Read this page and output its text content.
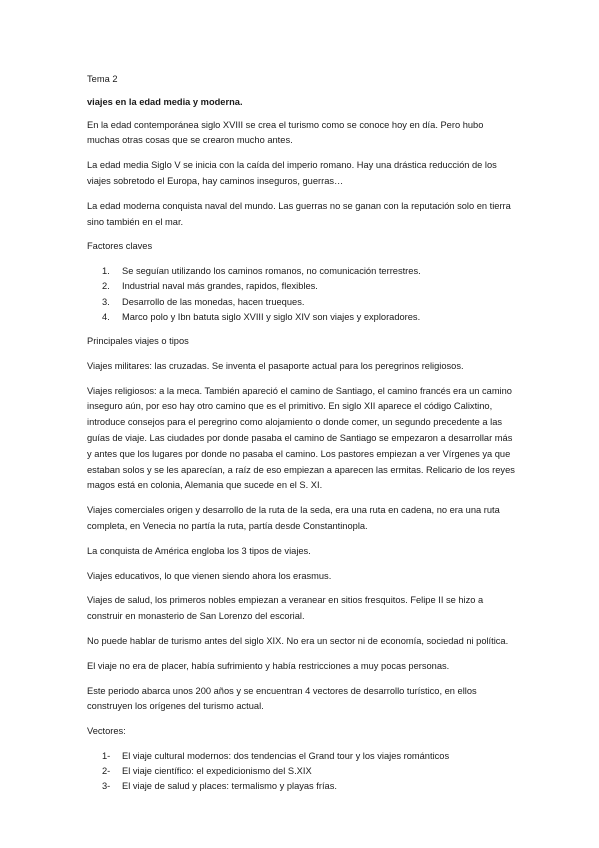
Tema 2

viajes en la edad media y moderna.

En la edad contemporánea siglo XVIII se crea el turismo como se conoce hoy en día. Pero hubo muchas otras cosas que se crearon mucho antes.

La edad media Siglo V se inicia con la caída del imperio romano. Hay una drástica reducción de los viajes sobretodo el Europa, hay caminos inseguros, guerras…

La edad moderna conquista naval del mundo. Las guerras no se ganan con la reputación solo en tierra sino también en el mar.

Factores claves

1.	Se seguían utilizando los caminos romanos, no comunicación terrestres.
2.	Industrial naval más grandes, rapidos, flexibles.
3.	Desarrollo de las monedas, hacen trueques.
4.	Marco polo y Ibn batuta siglo XVIII y siglo XIV son viajes y exploradores.

Principales viajes o tipos

Viajes militares: las cruzadas. Se inventa el pasaporte actual para los peregrinos religiosos.

Viajes religiosos: a la meca. También apareció el camino de Santiago, el camino francés era un camino inseguro aún, por eso hay otro camino que es el primitivo. En siglo XII aparece el código Calixtino, introduce consejos para el peregrino como alojamiento o donde comer, un segundo precedente a las guías de viaje. Las ciudades por donde pasaba el camino de Santiago se empezaron a desarrollar más y antes que los lugares por donde no pasaba el camino. Los pastores empiezan a ver Vírgenes ya que estaban solos y se les aparecían, a raíz de eso empiezan a aparecen las ermitas. Relicario de los reyes magos está en colonia, Alemania que sucede en el S. XI.

Viajes comerciales origen y desarrollo de la ruta de la seda, era una ruta en cadena, no era una ruta completa, en Venecia no partía la ruta, partía desde Constantinopla.

La conquista de América engloba los 3 tipos de viajes.

Viajes educativos, lo que vienen siendo ahora los erasmus.

Viajes de salud, los primeros nobles empiezan a veranear en sitios fresquitos. Felipe II se hizo a construir en monasterio de San Lorenzo del escorial.

No puede hablar de turismo antes del siglo XIX. No era un sector ni de economía, sociedad ni política.

El viaje no era de placer, había sufrimiento y había restricciones a muy pocas personas.

Este periodo abarca unos 200 años y se encuentran 4 vectores de desarrollo turístico, en ellos construyen los orígenes del turismo actual.

Vectores:

1-	El viaje cultural modernos: dos tendencias el Grand tour y los viajes románticos
2-	El viaje científico: el expedicionismo del S.XIX
3-	El viaje de salud y places: termalismo y playas frías.
